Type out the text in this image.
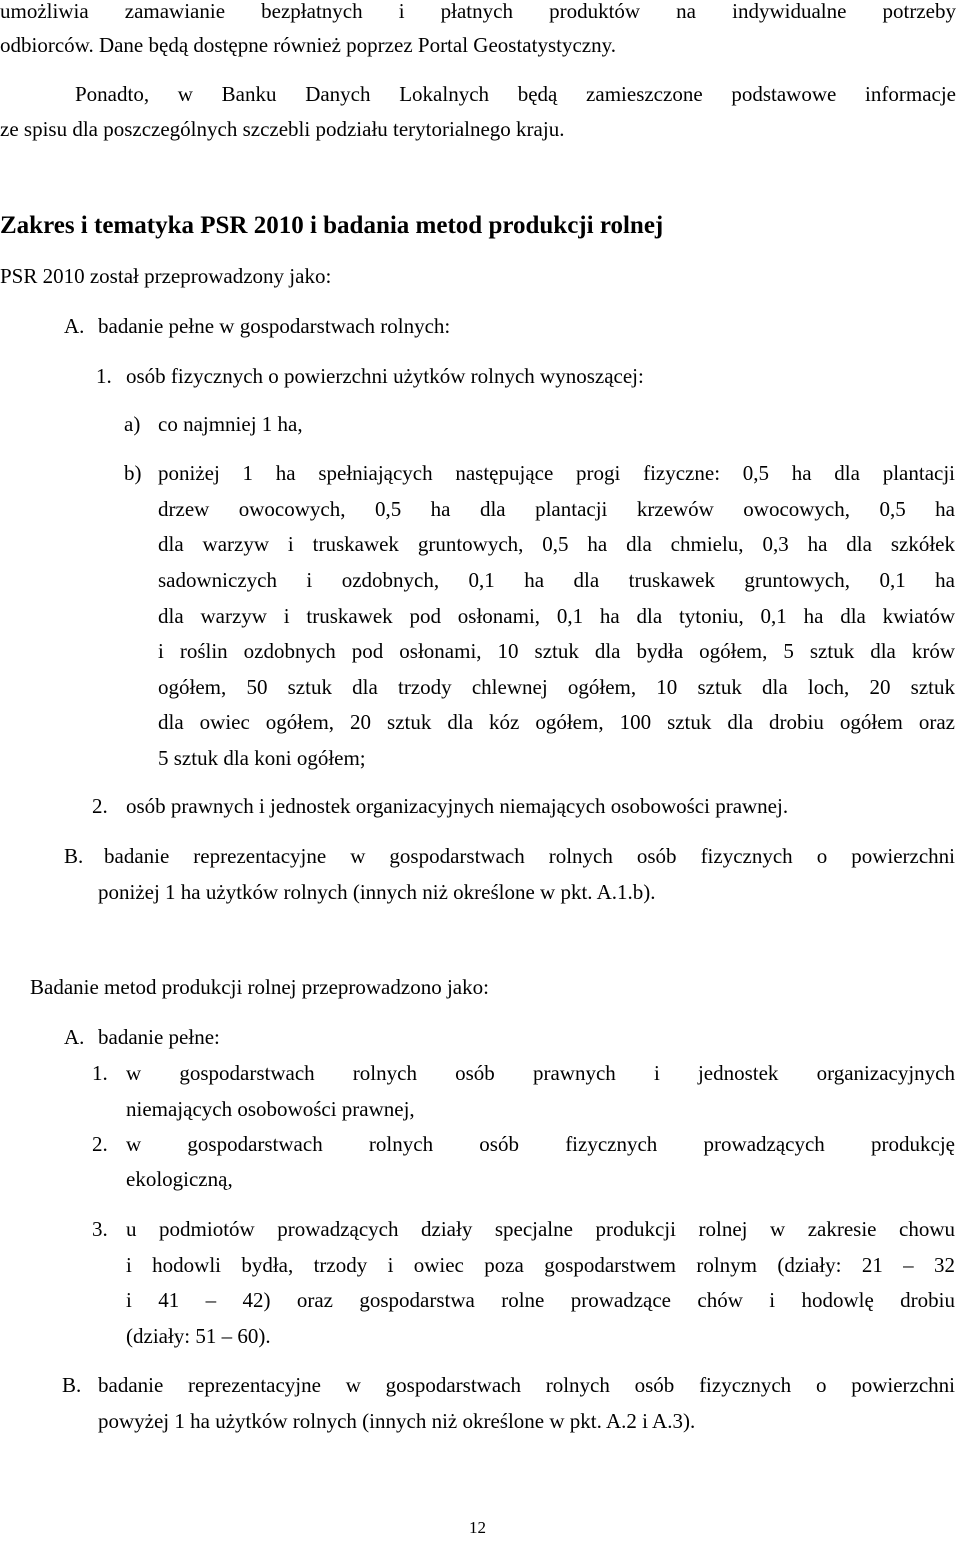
umożliwia zamawianie bezpłatnych i płatnych produktów na indywidualne potrzeby
odbiorców. Dane będą dostępne również poprzez Portal Geostatystyczny.
Ponadto, w Banku Danych Lokalnych będą zamieszczone podstawowe informacje
ze spisu dla poszczególnych szczebli podziału terytorialnego kraju.
Zakres i tematyka PSR 2010 i badania metod produkcji rolnej
PSR 2010 został przeprowadzony jako:
A. badanie pełne w gospodarstwach rolnych:
1. osób fizycznych o powierzchni użytków rolnych wynoszącej:
a) co najmniej 1 ha,
b) poniżej 1 ha spełniających następujące progi fizyczne: 0,5 ha dla plantacji
drzew owocowych, 0,5 ha dla plantacji krzewów owocowych, 0,5 ha
dla warzyw i truskawek gruntowych, 0,5 ha dla chmielu, 0,3 ha dla szkółek
sadowniczych i ozdobnych, 0,1 ha dla truskawek gruntowych, 0,1 ha
dla warzyw i truskawek pod osłonami, 0,1 ha dla tytoniu, 0,1 ha dla kwiatów
i roślin ozdobnych pod osłonami, 10 sztuk dla bydła ogółem, 5 sztuk dla krów
ogółem, 50 sztuk dla trzody chlewnej ogółem, 10 sztuk dla loch, 20 sztuk
dla owiec ogółem, 20 sztuk dla kóz ogółem, 100 sztuk dla drobiu ogółem oraz
5 sztuk dla koni ogółem;
2. osób prawnych i jednostek organizacyjnych niemających osobowości prawnej.
B. badanie reprezentacyjne w gospodarstwach rolnych osób fizycznych o powierzchni
poniżej 1 ha użytków rolnych (innych niż określone w pkt. A.1.b).
Badanie metod produkcji rolnej przeprowadzono jako:
A. badanie pełne:
1. w gospodarstwach rolnych osób prawnych i jednostek organizacyjnych
niemających osobowości prawnej,
2. w gospodarstwach rolnych osób fizycznych prowadzących produkcję
ekologiczną,
3. u podmiotów prowadzących działy specjalne produkcji rolnej w zakresie chowu
i hodowli bydła, trzody i owiec poza gospodarstwem rolnym (działy: 21 – 32
i 41 – 42) oraz gospodarstwa rolne prowadzące chów i hodowlę drobiu
(działy: 51 – 60).
B. badanie reprezentacyjne w gospodarstwach rolnych osób fizycznych o powierzchni
powyżej 1 ha użytków rolnych (innych niż określone w pkt. A.2 i A.3).
12
